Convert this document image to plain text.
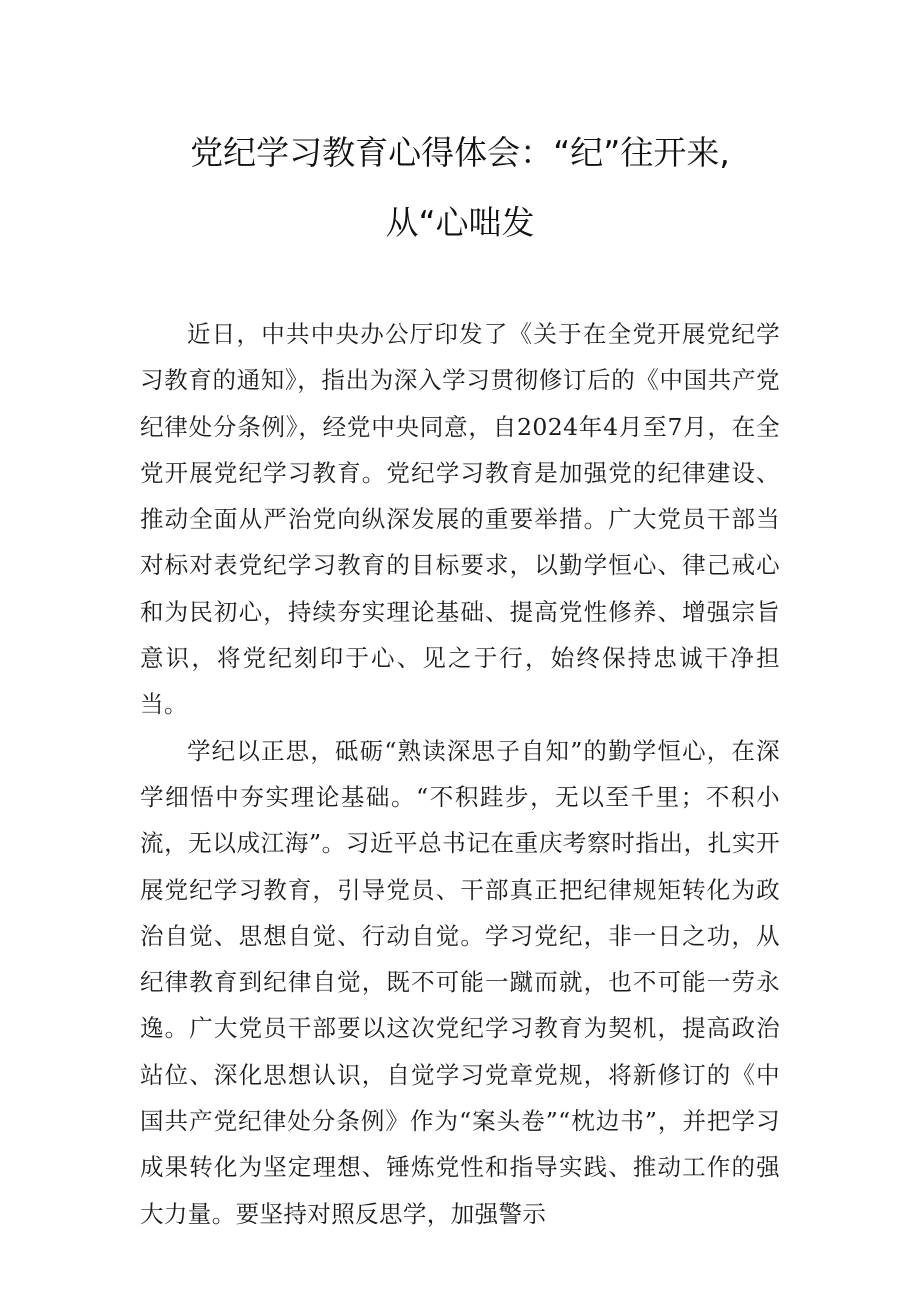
党纪学习教育心得体会：“纪”往开来,
从“心咄发

近日，中共中央办公厅印发了《关于在全党开展党纪学习教育的通知》，指出为深入学习贯彻修订后的《中国共产党纪律处分条例》，经党中央同意，自2024年4月至7月，在全党开展党纪学习教育。党纪学习教育是加强党的纪律建设、推动全面从严治党向纵深发展的重要举措。广大党员干部当对标对表党纪学习教育的目标要求，以勤学恒心、律己戒心和为民初心，持续夯实理论基础、提高党性修养、增强宗旨意识，将党纪刻印于心、见之于行，始终保持忠诚干净担当。

学纪以正思，砥砺“熟读深思子自知”的勤学恒心，在深学细悟中夯实理论基础。“不积跬步，无以至千里；不积小流，无以成江海”。习近平总书记在重庆考察时指出，扎实开展党纪学习教育，引导党员、干部真正把纪律规矩转化为政治自觉、思想自觉、行动自觉。学习党纪，非一日之功，从纪律教育到纪律自觉，既不可能一蹴而就，也不可能一劳永逸。广大党员干部要以这次党纪学习教育为契机，提高政治站位、深化思想认识，自觉学习党章党规，将新修订的《中国共产党纪律处分条例》作为“案头卷”“枕边书”，并把学习成果转化为坚定理想、锤炼党性和指导实践、推动工作的强大力量。要坚持对照反思学，加强警示
